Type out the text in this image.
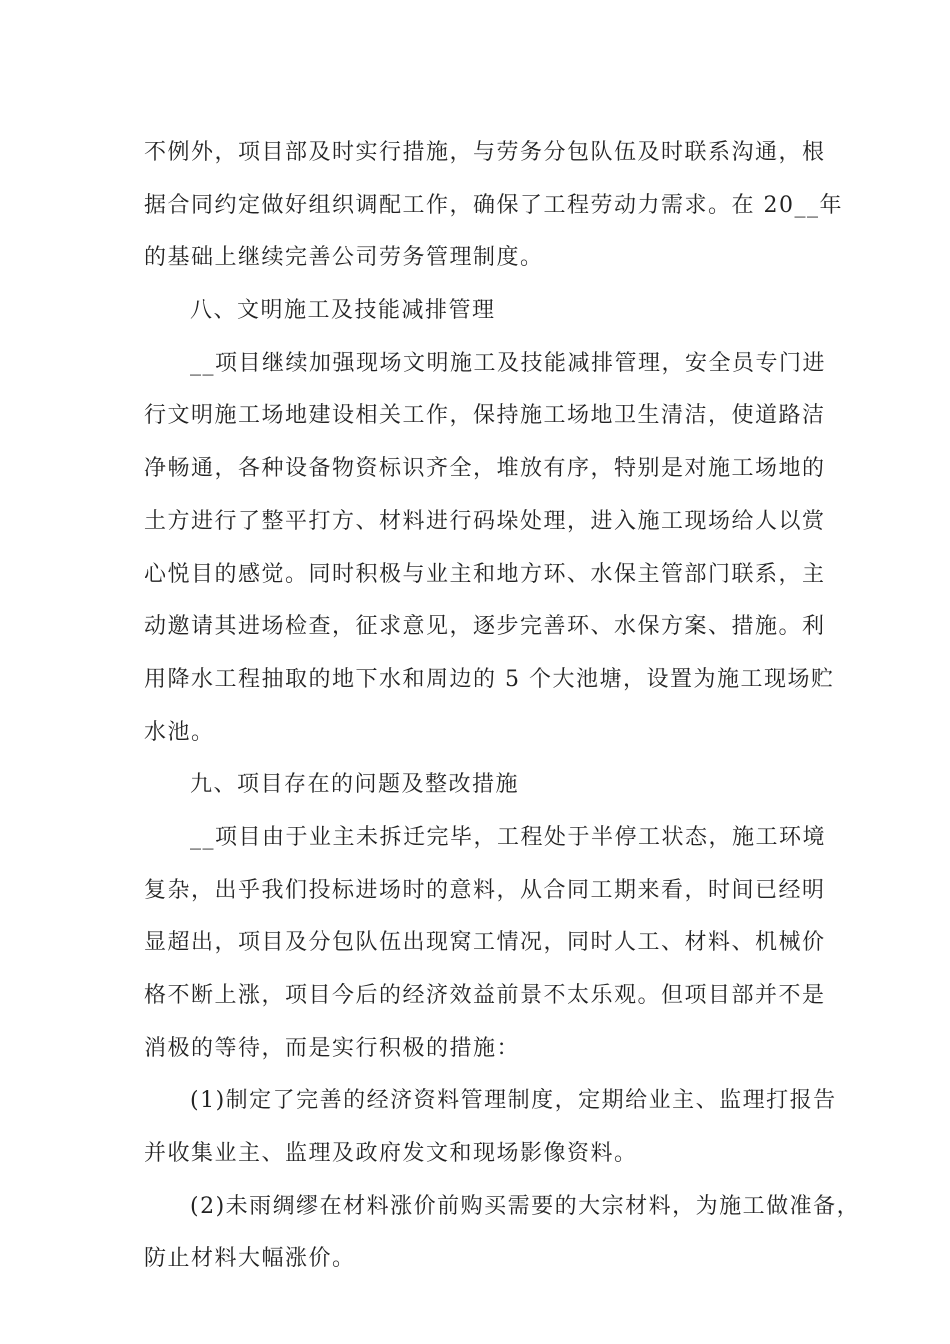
不例外，项目部及时实行措施，与劳务分包队伍及时联系沟通，根
据合同约定做好组织调配工作，确保了工程劳动力需求。在 20__年
的基础上继续完善公司劳务管理制度。
八、文明施工及技能减排管理
__项目继续加强现场文明施工及技能减排管理，安全员专门进
行文明施工场地建设相关工作，保持施工场地卫生清洁，使道路洁
净畅通，各种设备物资标识齐全，堆放有序，特别是对施工场地的
土方进行了整平打方、材料进行码垛处理，进入施工现场给人以赏
心悦目的感觉。同时积极与业主和地方环、水保主管部门联系，主
动邀请其进场检查，征求意见，逐步完善环、水保方案、措施。利
用降水工程抽取的地下水和周边的 5 个大池塘，设置为施工现场贮
水池。
九、项目存在的问题及整改措施
__项目由于业主未拆迁完毕，工程处于半停工状态，施工环境
复杂，出乎我们投标进场时的意料，从合同工期来看，时间已经明
显超出，项目及分包队伍出现窝工情况，同时人工、材料、机械价
格不断上涨，项目今后的经济效益前景不太乐观。但项目部并不是
消极的等待，而是实行积极的措施：
(1)制定了完善的经济资料管理制度，定期给业主、监理打报告
并收集业主、监理及政府发文和现场影像资料。
(2)未雨绸缪在材料涨价前购买需要的大宗材料，为施工做准备，
防止材料大幅涨价。
